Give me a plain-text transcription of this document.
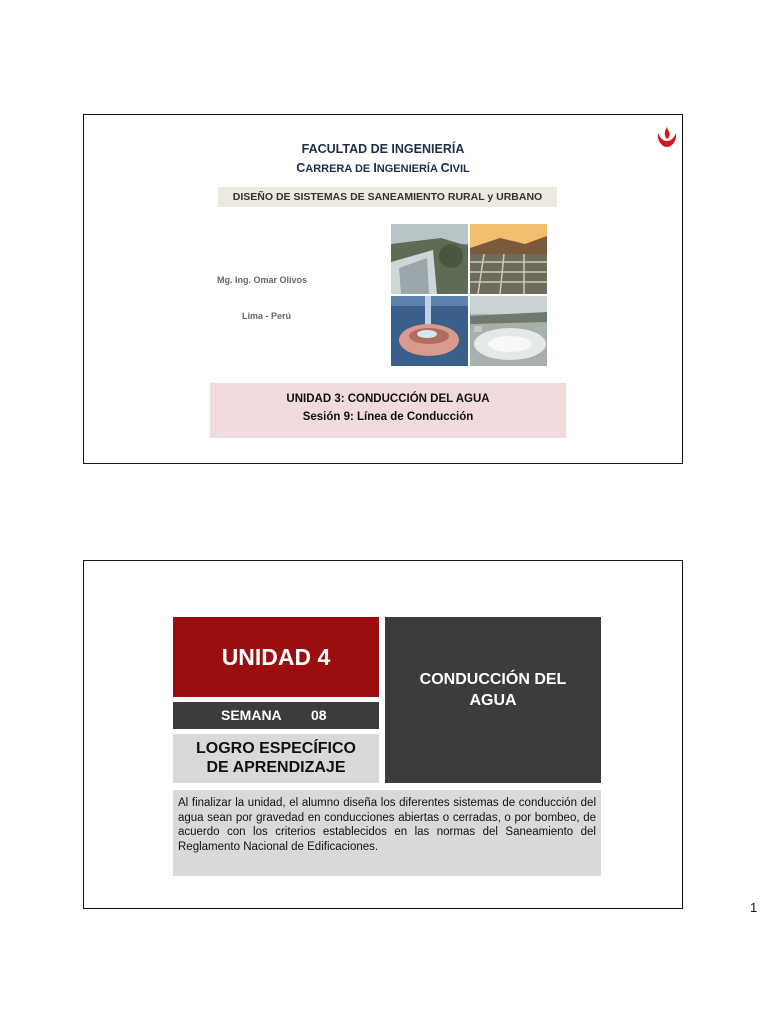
FACULTAD DE INGENIERÍA
CARRERA DE INGENIERÍA CIVIL
DISEÑO DE SISTEMAS DE SANEAMIENTO RURAL y URBANO
Mg. Ing. Omar Olivos
Lima - Perú
UNIDAD 3: CONDUCCIÓN DEL AGUA
Sesión 9: Línea de Conducción
UNIDAD 4
SEMANA 08
LOGRO ESPECÍFICO
DE APRENDIZAJE
CONDUCCIÓN DEL
AGUA
Al finalizar la unidad, el alumno diseña los diferentes sistemas de conducción del agua sean por gravedad en conducciones abiertas o cerradas, o por bombeo, de acuerdo con los criterios establecidos en las normas del Saneamiento del Reglamento Nacional de Edificaciones.
1
